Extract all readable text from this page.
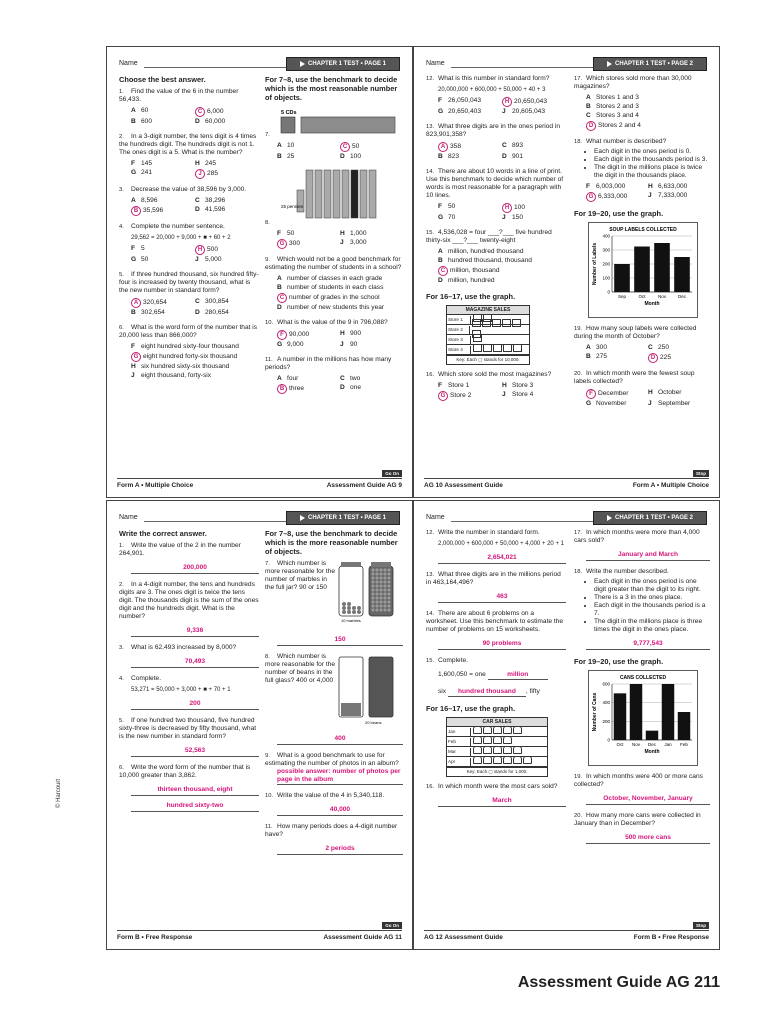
Name	CHAPTER 1 TEST • PAGE 1
Choose the best answer.
1. Find the value of the 6 in the number 56,433.
A 60	C 6,000
B 600	D 60,000
2. In a 3-digit number, the tens digit is 4 times the hundreds digit. The hundreds digit is not 1. The ones digit is a 5. What is the number?
F 145	H 245
G 241	J 285
3. Decrease the value of 38,596 by 3,000.
A 8,596	C 38,296
B 35,596	D 41,596
4. Complete the number sentence.
29,562 = 20,000 + 9,000 + ■ + 60 + 2
F 5	H 500
G 50	J 5,000
5. If three hundred thousand, six hundred fifty-four is increased by twenty thousand, what is the new number in standard form?
A 320,654	C 300,854
B 302,654	D 280,654
6. What is the word form of the number that is 20,000 less than 866,000?
F eight hundred sixty-four thousand
G eight hundred forty-six thousand
H six hundred sixty-six thousand
J eight thousand, forty-six
For 7–8, use the benchmark to decide which is the most reasonable number of objects.
7.
5 CDs
A 10	C 50
B 25	D 100
8.
25 pennies
F 50	H 1,000
G 300	J 3,000
9. Which would not be a good benchmark for estimating the number of students in a school?
A number of classes in each grade
B number of students in each class
C number of grades in the school
D number of new students this year
10. What is the value of the 9 in 796,088?
F 90,000	H 900
G 9,000	J 90
11. A number in the millions has how many periods?
A four	C two
B three	D one
Go On
Form A • Multiple Choice	Assessment Guide AG 9
Name	CHAPTER 1 TEST • PAGE 2
12. What is this number in standard form?
20,000,000 + 600,000 + 50,000 + 40 + 3
F 26,050,043	H 20,650,043
G 20,650,403	J 20,605,043
13. What three digits are in the ones period in 823,901,358?
A 358	C 893
B 823	D 901
14. There are about 10 words in a line of print. Use this benchmark to decide which number of words is most reasonable for a paragraph with 10 lines.
F 50	H 100
G 70	J 150
15. 4,536,028 = four ___?___ five hundred thirty-six ___?___ twenty-eight
A million, hundred thousand
B hundred thousand, thousand
C million, thousand
D million, hundred
For 16–17, use the graph.
MAGAZINE SALES
Store 1
Store 2
Store 3
Store 4
Key: Each ▢ stands for 10,000.
16. Which store sold the most magazines?
F Store 1	H Store 3
G Store 2	J Store 4
17. Which stores sold more than 30,000 magazines?
A Stores 1 and 3
B Stores 2 and 3
C Stores 3 and 4
D Stores 2 and 4
18. What number is described?
• Each digit in the ones period is 0.
• Each digit in the thousands period is 3.
• The digit in the millions place is twice the digit in the thousands place.
F 6,003,000	H 6,633,000
G 6,333,000	J 7,333,000
For 19–20, use the graph.
SOUP LABELS COLLECTED
0
100
200
300
400
Sep	Oct	Nov	Dec
Month
Number of Labels
19. How many soup labels were collected during the month of October?
A 300	C 250
B 275	D 225
20. In which month were the fewest soup labels collected?
F December	H October
G November	J September
Stop
AG 10 Assessment Guide	Form A • Multiple Choice
Name	CHAPTER 1 TEST • PAGE 1
Write the correct answer.
1. Write the value of the 2 in the number 264,901.
200,000
2. In a 4-digit number, the tens and hundreds digits are 3. The ones digit is twice the tens digit. The thousands digit is the sum of the ones digit and the hundreds digit. What is the number?
9,336
3. What is 62,493 increased by 8,000?
70,493
4. Complete.
53,271 = 50,000 + 3,000 + ■ + 70 + 1
200
5. If one hundred two thousand, five hundred sixty-three is decreased by fifty thousand, what is the new number in standard form?
52,563
6. Write the word form of the number that is 10,000 greater than 3,862.
thirteen thousand, eight
hundred sixty-two
For 7–8, use the benchmark to decide which is the more reasonable number of objects.
7. Which number is more reasonable for the number of marbles in the full jar? 90 or 150
10 marbles
150
8. Which number is more reasonable for the number of beans in the full glass? 400 or 4,000
20 beans
400
9. What is a good benchmark to use for estimating the number of photos in an album?
possible answer: number of photos per page in the album
10. Write the value of the 4 in 5,340,118.
40,000
11. How many periods does a 4-digit number have?
2 periods
Go On
Form B • Free Response	Assessment Guide AG 11
Name	CHAPTER 1 TEST • PAGE 2
12. Write the number in standard form.
2,000,000 + 600,000 + 50,000 + 4,000 + 20 + 1
2,654,021
13. What three digits are in the millions period in 463,164,496?
463
14. There are about 6 problems on a worksheet. Use this benchmark to estimate the number of problems on 15 worksheets.
90 problems
15. Complete.
1,600,050 = one	million
six hundred thousand , fifty
For 16–17, use the graph.
CAR SALES
Jan
Feb
Mar
Apr
Key: Each ▢ stands for 1,000.
16. In which month were the most cars sold?
March
17. In which months were more than 4,000 cars sold?
January and March
18. Write the number described.
• Each digit in the ones period is one digit greater than the digit to its right.
• There is a 3 in the ones place.
• Each digit in the thousands period is a 7.
• The digit in the millions place is three times the digit in the ones place.
9,777,543
For 19–20, use the graph.
CANS COLLECTED
0
200
400
600
Oct Nov Dec Jan Feb
Month
Number of Cans
19. In which months were 400 or more cans collected?
October, November, January
20. How many more cans were collected in January than in December?
500 more cans
Stop
AG 12 Assessment Guide	Form B • Free Response
© Harcourt
Assessment Guide AG 211
